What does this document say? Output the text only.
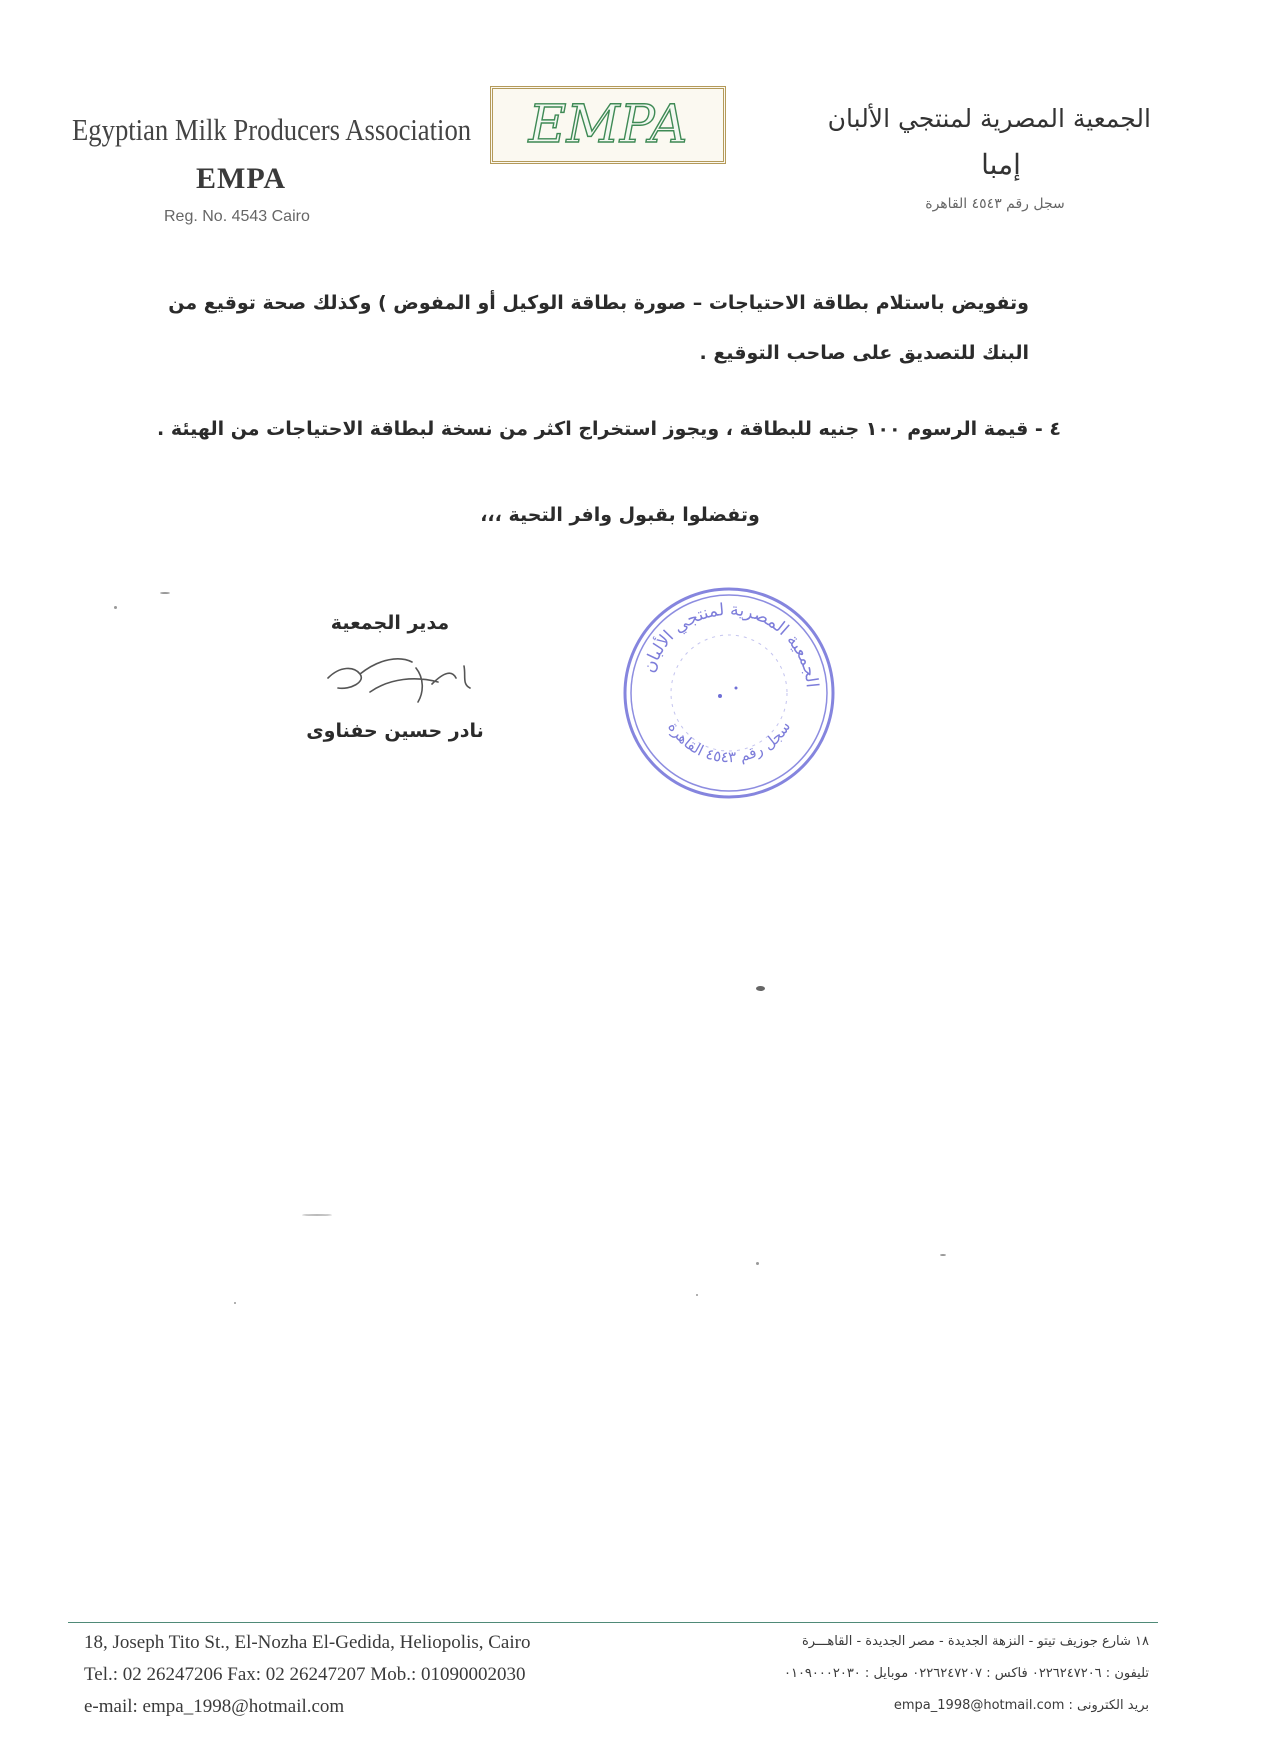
Egyptian Milk Producers Association
EMPA
Reg. No. 4543 Cairo
EMPA	الجمعية المصرية لمنتجي الألبان
إمبا
سجل رقم ٤٥٤٣ القاهرة
وتفويض باستلام بطاقة الاحتياجات – صورة بطاقة الوكيل أو المفوض ) وكذلك صحة توقيع من
البنك للتصديق على صاحب التوقيع .
٤ - قيمة الرسوم ١٠٠ جنيه للبطاقة ، ويجوز استخراج اكثر من نسخة لبطاقة الاحتياجات من الهيئة .
وتفضلوا بقبول وافر التحية ،،،
مدير الجمعية
نادر حسين حفناوى
الجمعية المصرية لمنتجي الألبان
سجل رقم ٤٥٤٣ القاهرة
18, Joseph Tito St., El-Nozha El-Gedida, Heliopolis, Cairo
Tel.: 02 26247206 Fax: 02 26247207 Mob.: 01090002030
e-mail: empa_1998@hotmail.com
١٨ شارع جوزيف تيتو - النزهة الجديدة - مصر الجديدة - القاهـــرة
تليفون : ٠٢٢٦٢٤٧٢٠٦ فاكس : ٠٢٢٦٢٤٧٢٠٧ موبايل : ٠١٠٩٠٠٠٢٠٣٠
بريد الكترونى : empa_1998@hotmail.com
